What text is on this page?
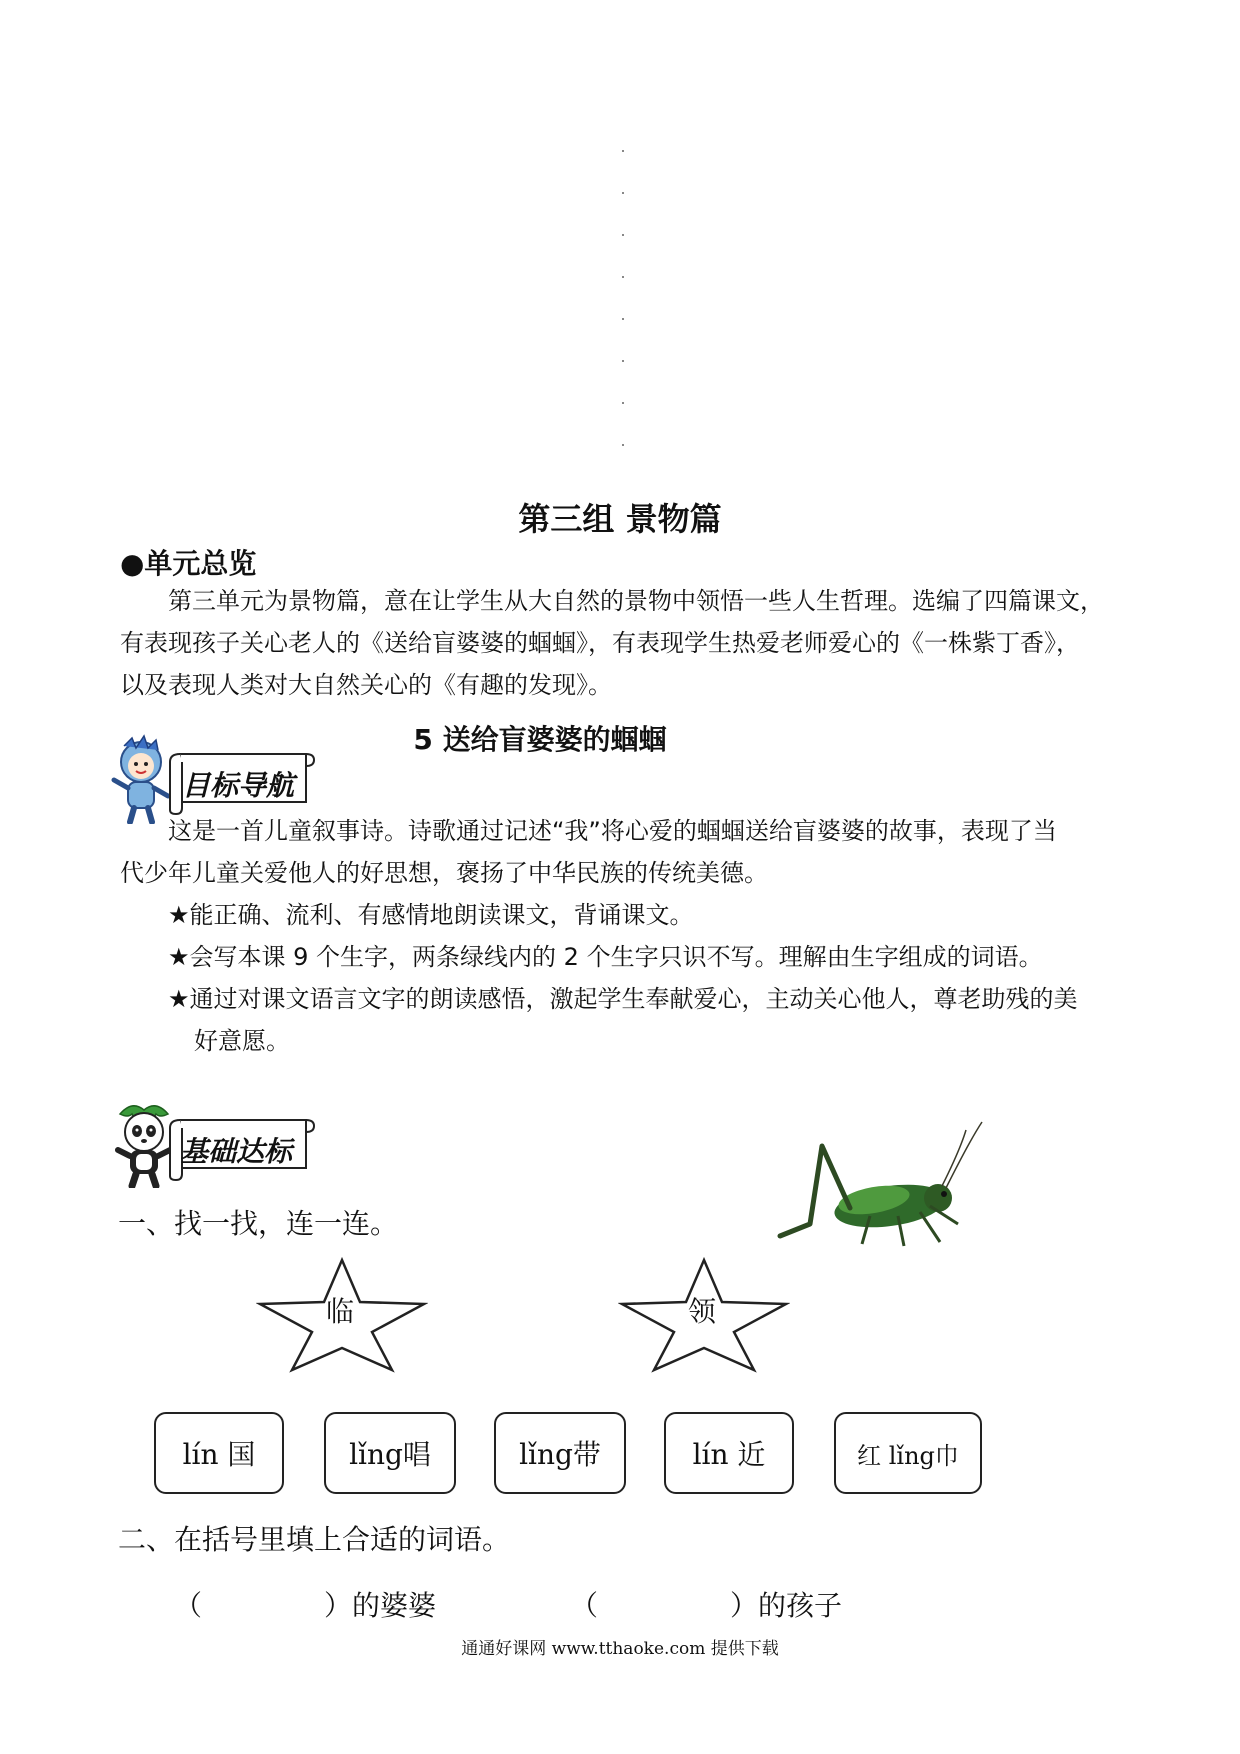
第三组 景物篇
●单元总览
第三单元为景物篇，意在让学生从大自然的景物中领悟一些人生哲理。选编了四篇课文，
有表现孩子关心老人的《送给盲婆婆的蝈蝈》，有表现学生热爱老师爱心的《一株紫丁香》，
以及表现人类对大自然关心的《有趣的发现》。
5 送给盲婆婆的蝈蝈
目标导航
这是一首儿童叙事诗。诗歌通过记述“我”将心爱的蝈蝈送给盲婆婆的故事，表现了当
代少年儿童关爱他人的好思想，褒扬了中华民族的传统美德。
★能正确、流利、有感情地朗读课文，背诵课文。
★会写本课 9 个生字，两条绿线内的 2 个生字只识不写。理解由生字组成的词语。
★通过对课文语言文字的朗读感悟，激起学生奉献爱心，主动关心他人，尊老助残的美
好意愿。
基础达标
一、找一找，连一连。
临	领
lín 国	lǐng唱	lǐng带	lín 近	红 lǐng巾
二、在括号里填上合适的词语。
（	）的婆婆	（	）的孩子
通通好课网 www.tthaoke.com 提供下载
